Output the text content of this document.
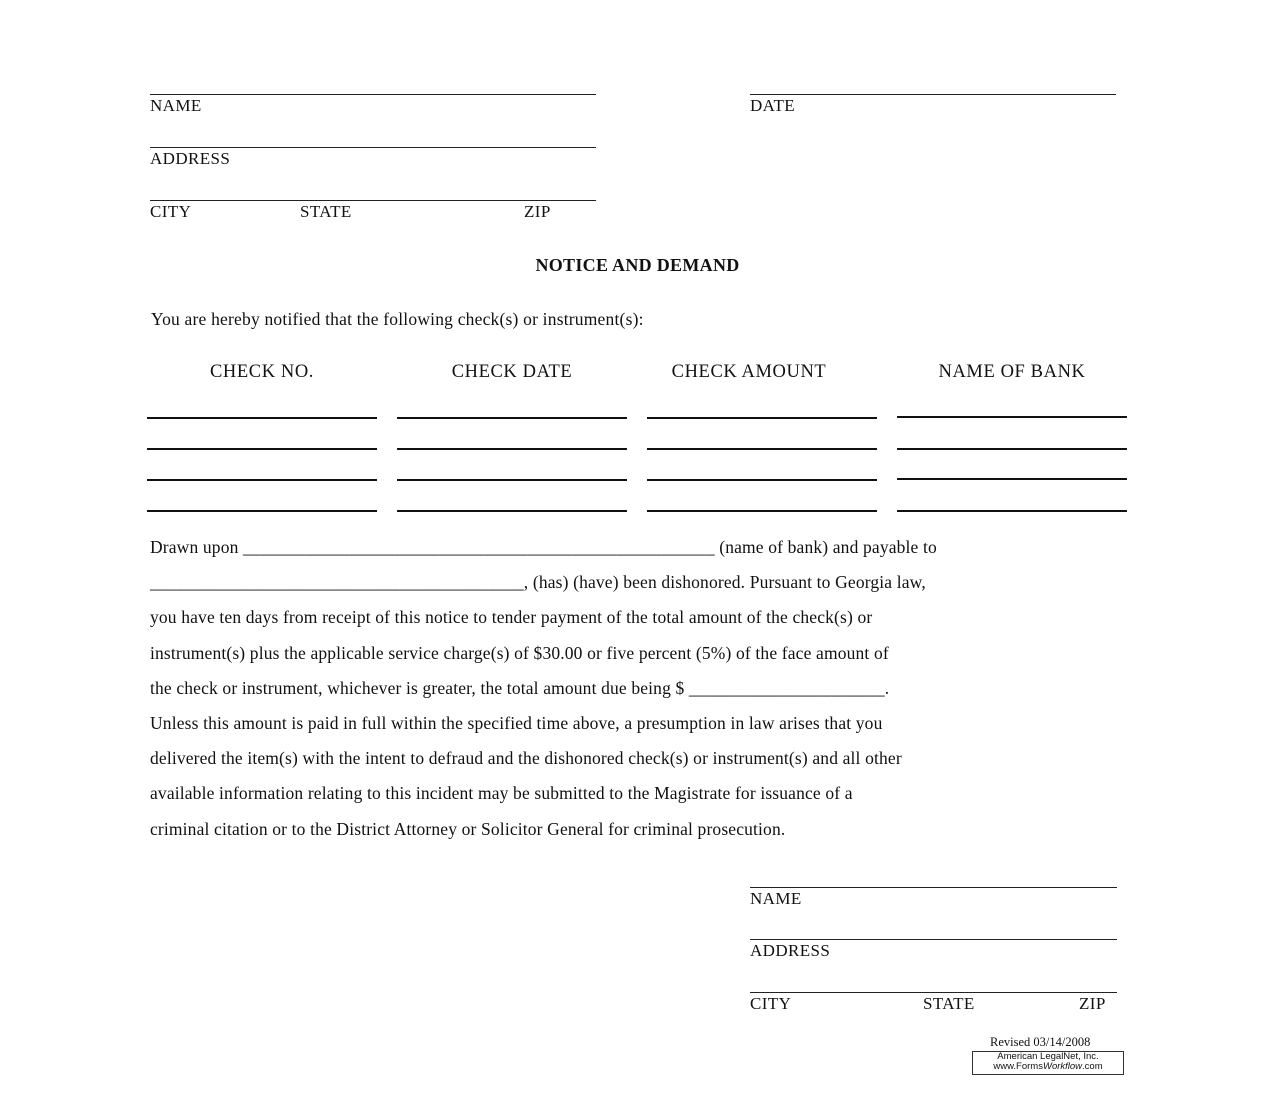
NAME
ADDRESS
CITY	STATE	ZIP
DATE
NOTICE AND DEMAND
You are hereby notified that the following check(s) or instrument(s):
CHECK NO.	CHECK DATE	CHECK AMOUNT	NAME OF BANK
Drawn upon _____________________________________________________ (name of bank) and payable to
__________________________________________, (has) (have) been dishonored. Pursuant to Georgia law,
you have ten days from receipt of this notice to tender payment of the total amount of the check(s) or
instrument(s) plus the applicable service charge(s) of $30.00 or five percent (5%) of the face amount of
the check or instrument, whichever is greater, the total amount due being $ ______________________.
Unless this amount is paid in full within the specified time above, a presumption in law arises that you
delivered the item(s) with the intent to defraud and the dishonored check(s) or instrument(s) and all other
available information relating to this incident may be submitted to the Magistrate for issuance of a
criminal citation or to the District Attorney or Solicitor General for criminal prosecution.
NAME
ADDRESS
CITY	STATE	ZIP
Revised 03/14/2008
American LegalNet, Inc.
www.FormsWorkflow.com
